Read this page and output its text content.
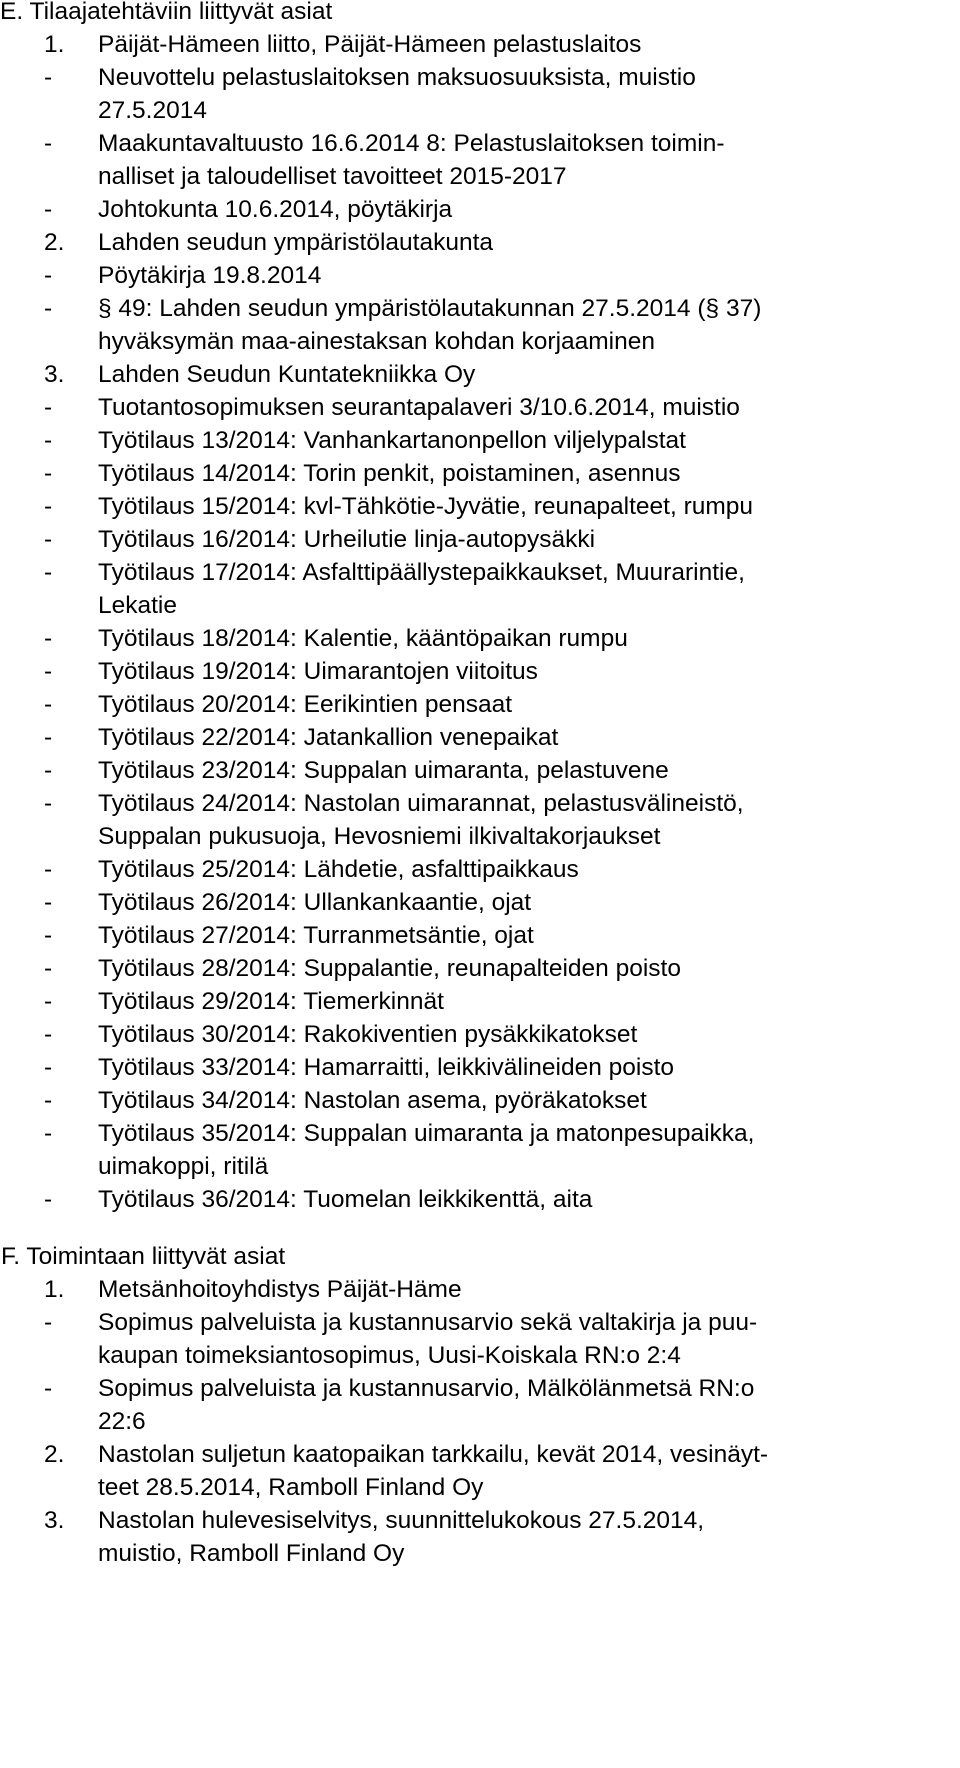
E. Tilaajatehtäviin liittyvät asiat
1. Päijät-Hämeen liitto, Päijät-Hämeen pelastuslaitos
- Neuvottelu pelastuslaitoksen maksuosuuksista, muistio
27.5.2014
- Maakuntavaltuusto 16.6.2014 8: Pelastuslaitoksen toimin-
nalliset ja taloudelliset tavoitteet 2015-2017
- Johtokunta 10.6.2014, pöytäkirja
2. Lahden seudun ympäristölautakunta
- Pöytäkirja 19.8.2014
- § 49: Lahden seudun ympäristölautakunnan 27.5.2014 (§ 37)
hyväksymän maa-ainestaksan kohdan korjaaminen
3. Lahden Seudun Kuntatekniikka Oy
- Tuotantosopimuksen seurantapalaveri 3/10.6.2014, muistio
- Työtilaus 13/2014: Vanhankartanonpellon viljelypalstat
- Työtilaus 14/2014: Torin penkit, poistaminen, asennus
- Työtilaus 15/2014: kvl-Tähkötie-Jyvätie, reunapalteet, rumpu
- Työtilaus 16/2014: Urheilutie linja-autopysäkki
- Työtilaus 17/2014: Asfalttipäällystepaikkaukset, Muurarintie,
Lekatie
- Työtilaus 18/2014: Kalentie, kääntöpaikan rumpu
- Työtilaus 19/2014: Uimarantojen viitoitus
- Työtilaus 20/2014: Eerikintien pensaat
- Työtilaus 22/2014: Jatankallion venepaikat
- Työtilaus 23/2014: Suppalan uimaranta, pelastuvene
- Työtilaus 24/2014: Nastolan uimarannat, pelastusvälineistö,
Suppalan pukusuoja, Hevosniemi ilkivaltakorjaukset
- Työtilaus 25/2014: Lähdetie, asfalttipaikkaus
- Työtilaus 26/2014: Ullankankaantie, ojat
- Työtilaus 27/2014: Turranmetsäntie, ojat
- Työtilaus 28/2014: Suppalantie, reunapalteiden poisto
- Työtilaus 29/2014: Tiemerkinnät
- Työtilaus 30/2014: Rakokiventien pysäkkikatokset
- Työtilaus 33/2014: Hamarraitti, leikkivälineiden poisto
- Työtilaus 34/2014: Nastolan asema, pyöräkatokset
- Työtilaus 35/2014: Suppalan uimaranta ja matonpesupaikka,
uimakoppi, ritilä
- Työtilaus 36/2014: Tuomelan leikkikenttä, aita
F. Toimintaan liittyvät asiat
1. Metsänhoitoyhdistys Päijät-Häme
- Sopimus palveluista ja kustannusarvio sekä valtakirja ja puu-
kaupan toimeksiantosopimus, Uusi-Koiskala RN:o 2:4
- Sopimus palveluista ja kustannusarvio, Mälkölänmetsä RN:o
22:6
2. Nastolan suljetun kaatopaikan tarkkailu, kevät 2014, vesinäyt-
teet 28.5.2014, Ramboll Finland Oy
3. Nastolan hulevesiselvitys, suunnittelukokous 27.5.2014,
muistio, Ramboll Finland Oy
